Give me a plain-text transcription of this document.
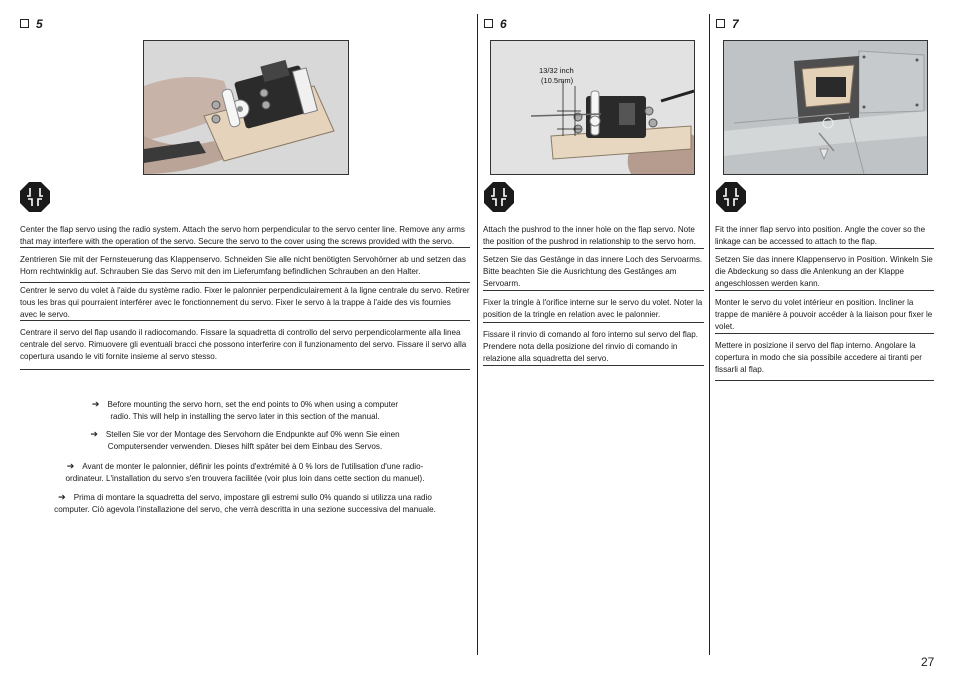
5
Center the flap servo using the radio system. Attach the servo horn perpendicular to the servo center line. Remove any arms that may interfere with the operation of the servo. Secure the servo to the cover using the screws provided with the servo.
Zentrieren Sie mit der Fernsteuerung das Klappenservo. Schneiden Sie alle nicht benötigten Servohörner ab und setzen das Horn rechtwinklig auf. Schrauben Sie das Servo mit den im Lieferumfang befindlichen Schrauben an den Halter.
Centrer le servo du volet à l'aide du système radio. Fixer le palonnier perpendiculairement à la ligne centrale du servo. Retirer tous les bras qui pourraient interférer avec le fonctionnement du servo. Fixer le servo à la trappe à l'aide des vis fournies avec le servo.
Centrare il servo del flap usando il radiocomando. Fissare la squadretta di controllo del servo perpendicolarmente alla linea centrale del servo. Rimuovere gli eventuali bracci che possono interferire con il funzionamento del servo. Fissare il servo alla copertura usando le viti fornite insieme al servo stesso.
➔ Before mounting the servo horn, set the end points to 0% when using a computer
radio. This will help in installing the servo later in this section of the manual.
➔ Stellen Sie vor der Montage des Servohorn die Endpunkte auf 0% wenn Sie einen
Computersender verwenden. Dieses hilft später bei dem Einbau des Servos.
➔ Avant de monter le palonnier, définir les points d'extrémité à 0 % lors de l'utilisation d'une radio-
ordinateur. L'installation du servo s'en trouvera facilitée (voir plus loin dans cette section du manuel).
➔ Prima di montare la squadretta del servo, impostare gli estremi sullo 0% quando si utilizza una radio
computer. Ciò agevola l'installazione del servo, che verrà descritta in una sezione successiva del manuale.
6
13/32 inch
(10.5mm)
Attach the pushrod to the inner hole on the flap servo. Note the position of the pushrod in relationship to the servo horn.
Setzen Sie das Gestänge in das innere Loch des Servoarms. Bitte beachten Sie die Ausrichtung des Gestänges am Servoarm.
Fixer la tringle à l'orifice interne sur le servo du volet. Noter la position de la tringle en relation avec le palonnier.
Fissare il rinvio di comando al foro interno sul servo del flap. Prendere nota della posizione del rinvio di comando in relazione alla squadretta del servo.
7
Fit the inner flap servo into position. Angle the cover so the linkage can be accessed to attach to the flap.
Setzen Sie das innere Klappenservo in Position. Winkeln Sie die Abdeckung so dass die Anlenkung an der Klappe angeschlossen werden kann.
Monter le servo du volet intérieur en position. Incliner la trappe de manière à pouvoir accéder à la liaison pour fixer le volet.
Mettere in posizione il servo del flap interno. Angolare la copertura in modo che sia possibile accedere ai tiranti per fissarli al flap.
27
